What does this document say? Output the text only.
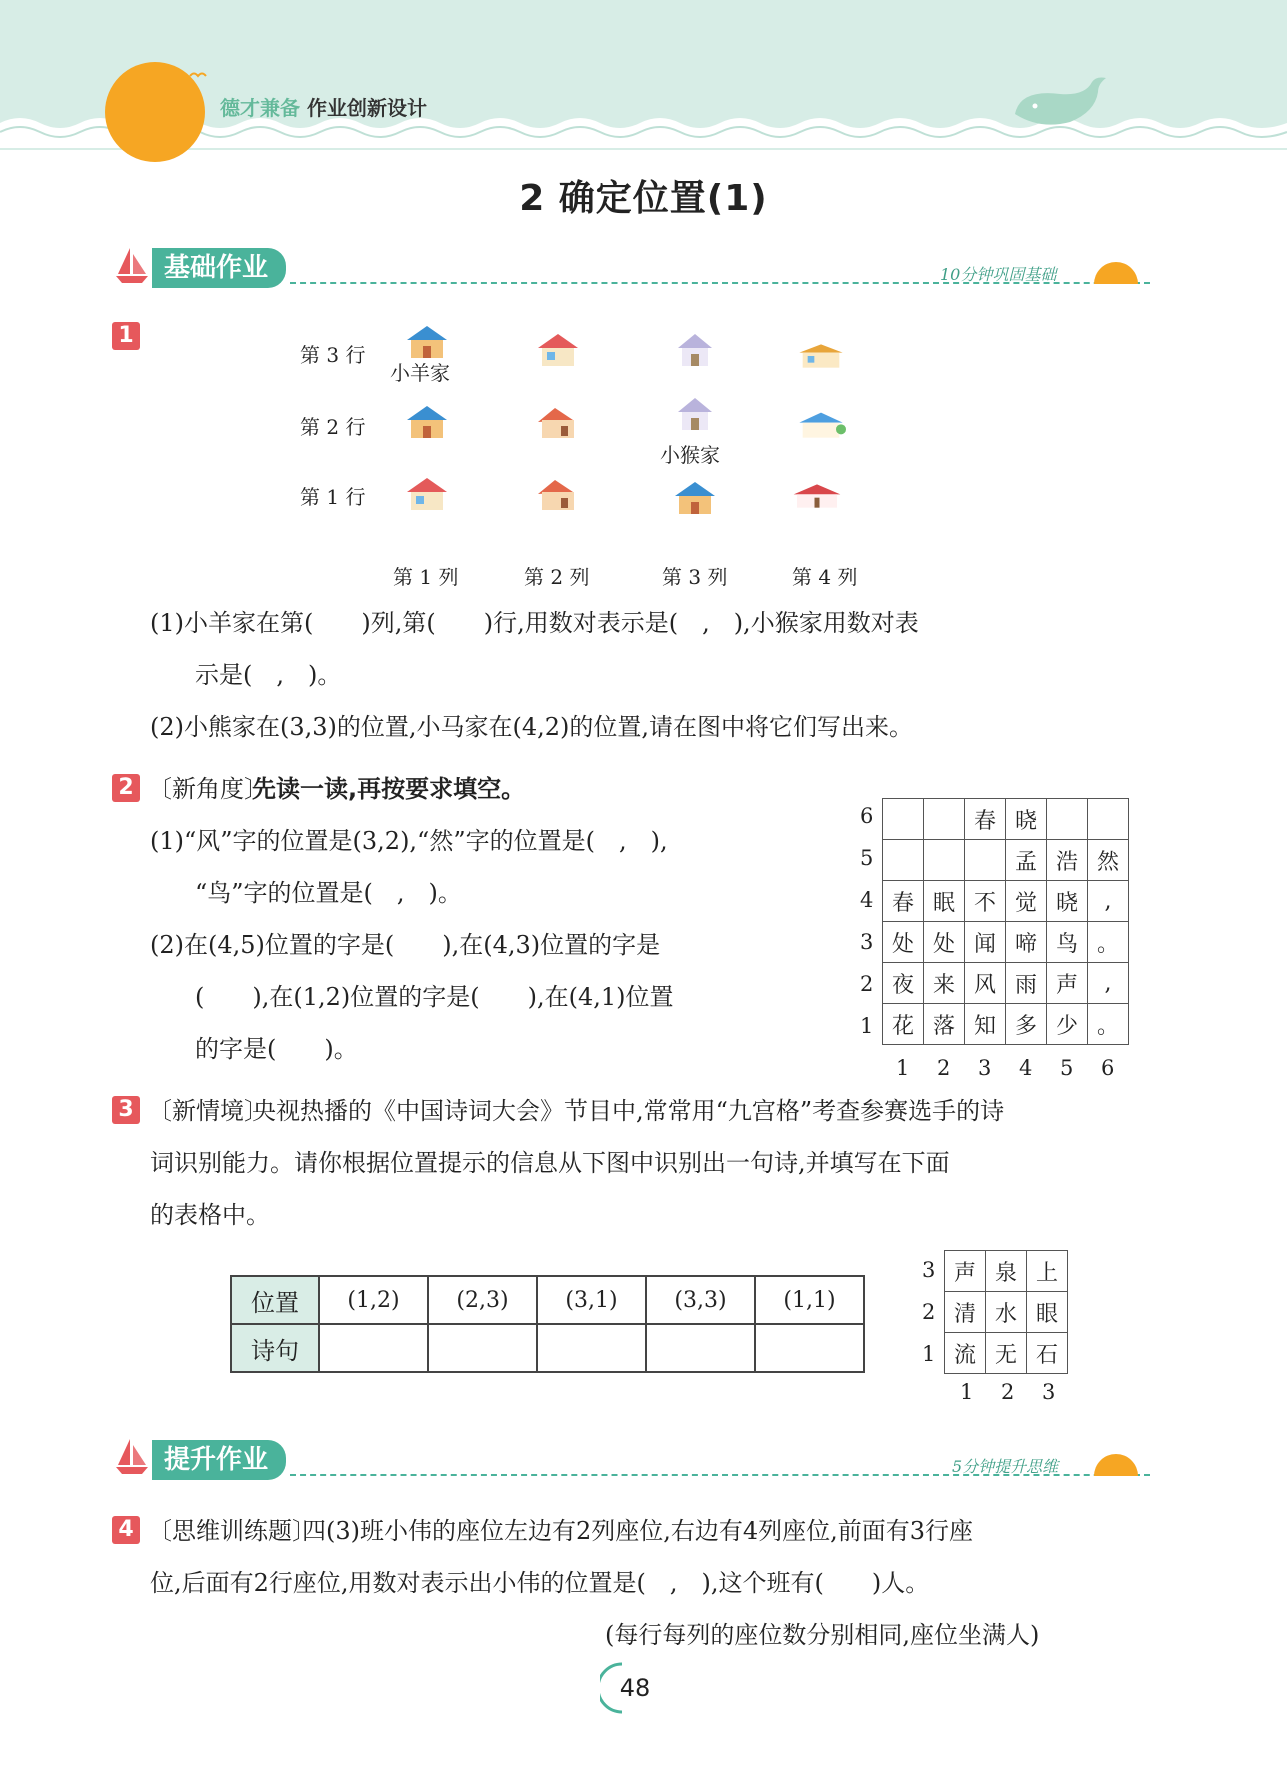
德才兼备 作业创新设计
2 确定位置(1)
基础作业	10分钟巩固基础
1
第 3 行
第 2 行
第 1 行
小羊家
小猴家
第 1 列	第 2 列	第 3 列	第 4 列
(1)小羊家在第(　　)列,第(　　)行,用数对表示是(　,　),小猴家用数对表
示是(　,　)。
(2)小熊家在(3,3)的位置,小马家在(4,2)的位置,请在图中将它们写出来。
2 〔新角度〕
先读一读,再按要求填空。
(1)“风”字的位置是(3,2),“然”字的位置是(　,　),
“鸟”字的位置是(　,　)。
(2)在(4,5)位置的字是(　　),在(4,3)位置的字是
(　　),在(1,2)位置的字是(　　),在(4,1)位置
的字是(　　)。
6
5
4
3
2
1
		春	晓		
			孟	浩	然
春	眠	不	觉	晓	,
处	处	闻	啼	鸟	。
夜	来	风	雨	声	,
花	落	知	多	少	。
1 2 3 4 5 6
3 〔新情境〕
央视热播的《中国诗词大会》节目中,常常用“九宫格”考查参赛选手的诗
词识别能力。请你根据位置提示的信息从下图中识别出一句诗,并填写在下面
的表格中。
位置	(1,2)	(2,3)	(3,1)	(3,3)	(1,1)
诗句					
3
2
1
声	泉	上
清	水	眼
流	无	石
1 2 3
提升作业	5分钟提升思维
4 〔思维训练题〕
四(3)班小伟的座位左边有2列座位,右边有4列座位,前面有3行座
位,后面有2行座位,用数对表示出小伟的位置是(　,　),这个班有(　　)人。
(每行每列的座位数分别相同,座位坐满人)
48
